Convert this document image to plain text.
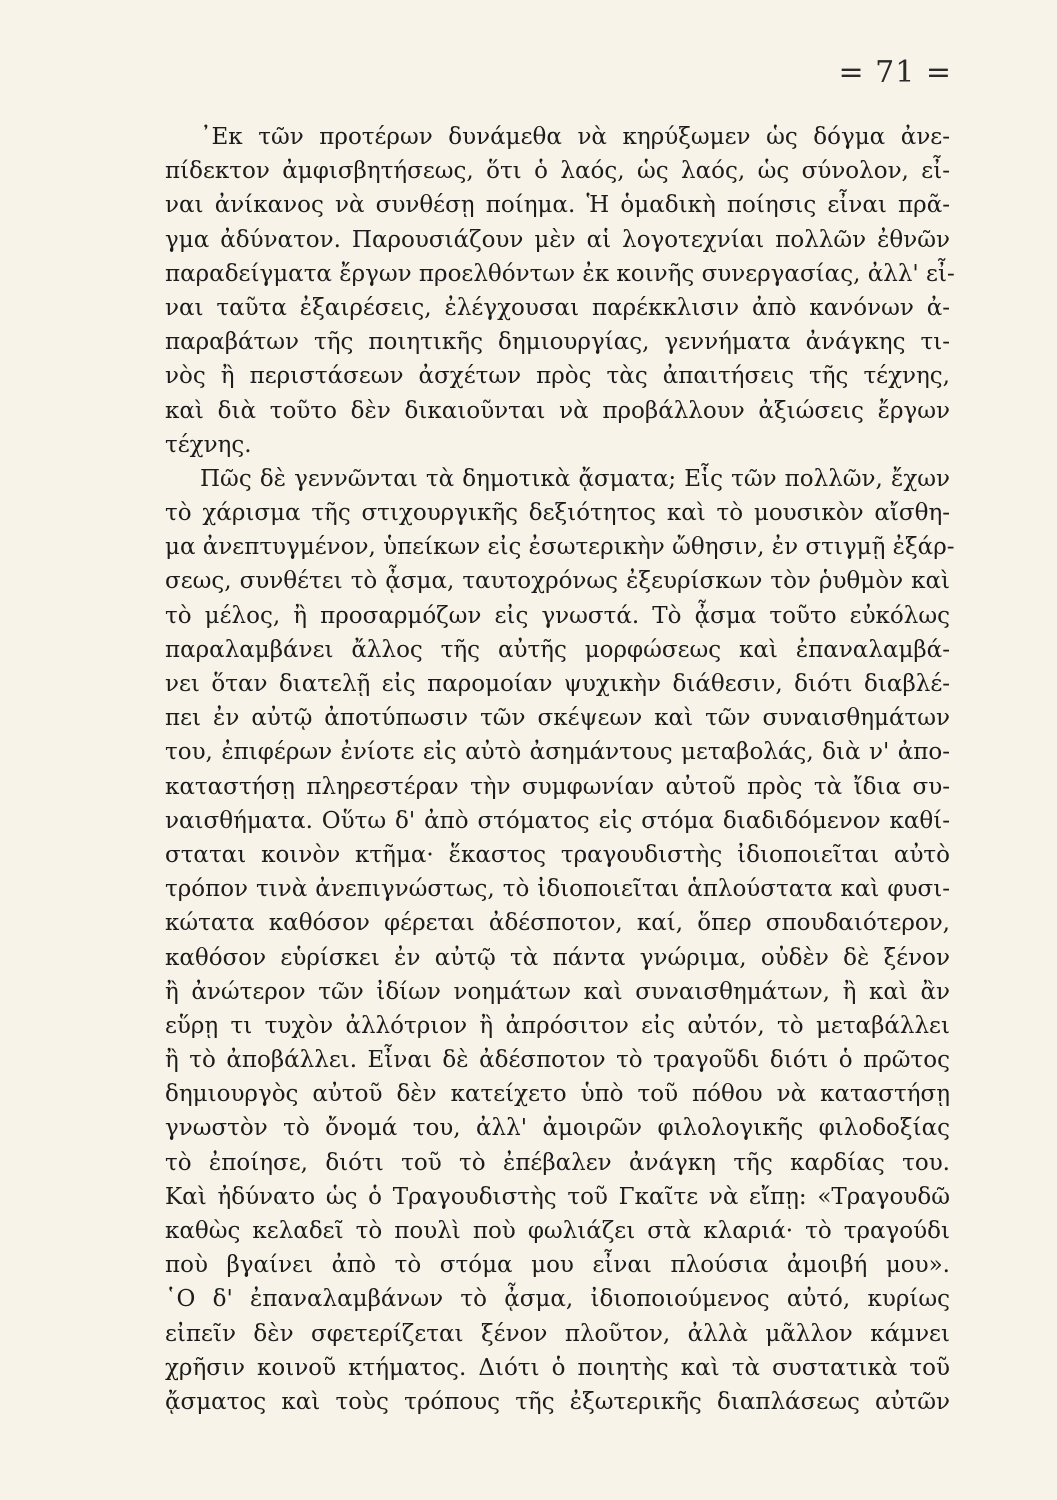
= 71 =
᾿Εκ τῶν προτέρων δυνάμεθα νὰ κηρύξωμεν ὡς δόγμα ἀνε-
πίδεκτον ἀμφισβητήσεως, ὅτι ὁ λαός, ὡς λαός, ὡς σύνολον, εἶ-
ναι ἀνίκανος νὰ συνθέσῃ ποίημα. Ἡ ὁμαδικὴ ποίησις εἶναι πρᾶ-
γμα ἀδύνατον. Παρουσιάζουν μὲν αἱ λογοτεχνίαι πολλῶν ἐθνῶν
παραδείγματα ἔργων προελθόντων ἐκ κοινῆς συνεργασίας, ἀλλ' εἶ-
ναι ταῦτα ἐξαιρέσεις, ἐλέγχουσαι παρέκκλισιν ἀπὸ κανόνων ἀ-
παραβάτων τῆς ποιητικῆς δημιουργίας, γεννήματα ἀνάγκης τι-
νὸς ἢ περιστάσεων ἀσχέτων πρὸς τὰς ἀπαιτήσεις τῆς τέχνης,
καὶ διὰ τοῦτο δὲν δικαιοῦνται νὰ προβάλλουν ἀξιώσεις ἔργων
τέχνης.
Πῶς δὲ γεννῶνται τὰ δημοτικὰ ᾄσματα; Εἷς τῶν πολλῶν, ἔχων
τὸ χάρισμα τῆς στιχουργικῆς δεξιότητος καὶ τὸ μουσικὸν αἴσθη-
μα ἀνεπτυγμένον, ὑπείκων εἰς ἐσωτερικὴν ὤθησιν, ἐν στιγμῇ ἐξάρ-
σεως, συνθέτει τὸ ᾆσμα, ταυτοχρόνως ἐξευρίσκων τὸν ῥυθμὸν καὶ
τὸ μέλος, ἢ προσαρμόζων εἰς γνωστά. Τὸ ᾆσμα τοῦτο εὐκόλως
παραλαμβάνει ἄλλος τῆς αὐτῆς μορφώσεως καὶ ἐπαναλαμβά-
νει ὅταν διατελῇ εἰς παρομοίαν ψυχικὴν διάθεσιν, διότι διαβλέ-
πει ἐν αὐτῷ ἀποτύπωσιν τῶν σκέψεων καὶ τῶν συναισθημάτων
του, ἐπιφέρων ἐνίοτε εἰς αὐτὸ ἀσημάντους μεταβολάς, διὰ ν' ἀπο-
καταστήσῃ πληρεστέραν τὴν συμφωνίαν αὐτοῦ πρὸς τὰ ἴδια συ-
ναισθήματα. Οὕτω δ' ἀπὸ στόματος εἰς στόμα διαδιδόμενον καθί-
σταται κοινὸν κτῆμα· ἕκαστος τραγουδιστὴς ἰδιοποιεῖται αὐτὸ
τρόπον τινὰ ἀνεπιγνώστως, τὸ ἰδιοποιεῖται ἁπλούστατα καὶ φυσι-
κώτατα καθόσον φέρεται ἀδέσποτον, καί, ὅπερ σπουδαιότερον,
καθόσον εὑρίσκει ἐν αὐτῷ τὰ πάντα γνώριμα, οὐδὲν δὲ ξένον
ἢ ἀνώτερον τῶν ἰδίων νοημάτων καὶ συναισθημάτων, ἢ καὶ ἂν
εὕρῃ τι τυχὸν ἀλλότριον ἢ ἀπρόσιτον εἰς αὐτόν, τὸ μεταβάλλει
ἢ τὸ ἀποβάλλει. Εἶναι δὲ ἀδέσποτον τὸ τραγοῦδι διότι ὁ πρῶτος
δημιουργὸς αὐτοῦ δὲν κατείχετο ὑπὸ τοῦ πόθου νὰ καταστήσῃ
γνωστὸν τὸ ὄνομά του, ἀλλ' ἀμοιρῶν φιλολογικῆς φιλοδοξίας
τὸ ἐποίησε, διότι τοῦ τὸ ἐπέβαλεν ἀνάγκη τῆς καρδίας του.
Καὶ ἠδύνατο ὡς ὁ Τραγουδιστὴς τοῦ Γκαῖτε νὰ εἴπῃ: «Τραγουδῶ
καθὼς κελαδεῖ τὸ πουλὶ ποὺ φωλιάζει στὰ κλαριά· τὸ τραγούδι
ποὺ βγαίνει ἀπὸ τὸ στόμα μου εἶναι πλούσια ἀμοιβή μου».
῾Ο δ' ἐπαναλαμβάνων τὸ ᾆσμα, ἰδιοποιούμενος αὐτό, κυρίως
εἰπεῖν δὲν σφετερίζεται ξένον πλοῦτον, ἀλλὰ μᾶλλον κάμνει
χρῆσιν κοινοῦ κτήματος. Διότι ὁ ποιητὴς καὶ τὰ συστατικὰ τοῦ
ᾄσματος καὶ τοὺς τρόπους τῆς ἐξωτερικῆς διαπλάσεως αὐτῶν
